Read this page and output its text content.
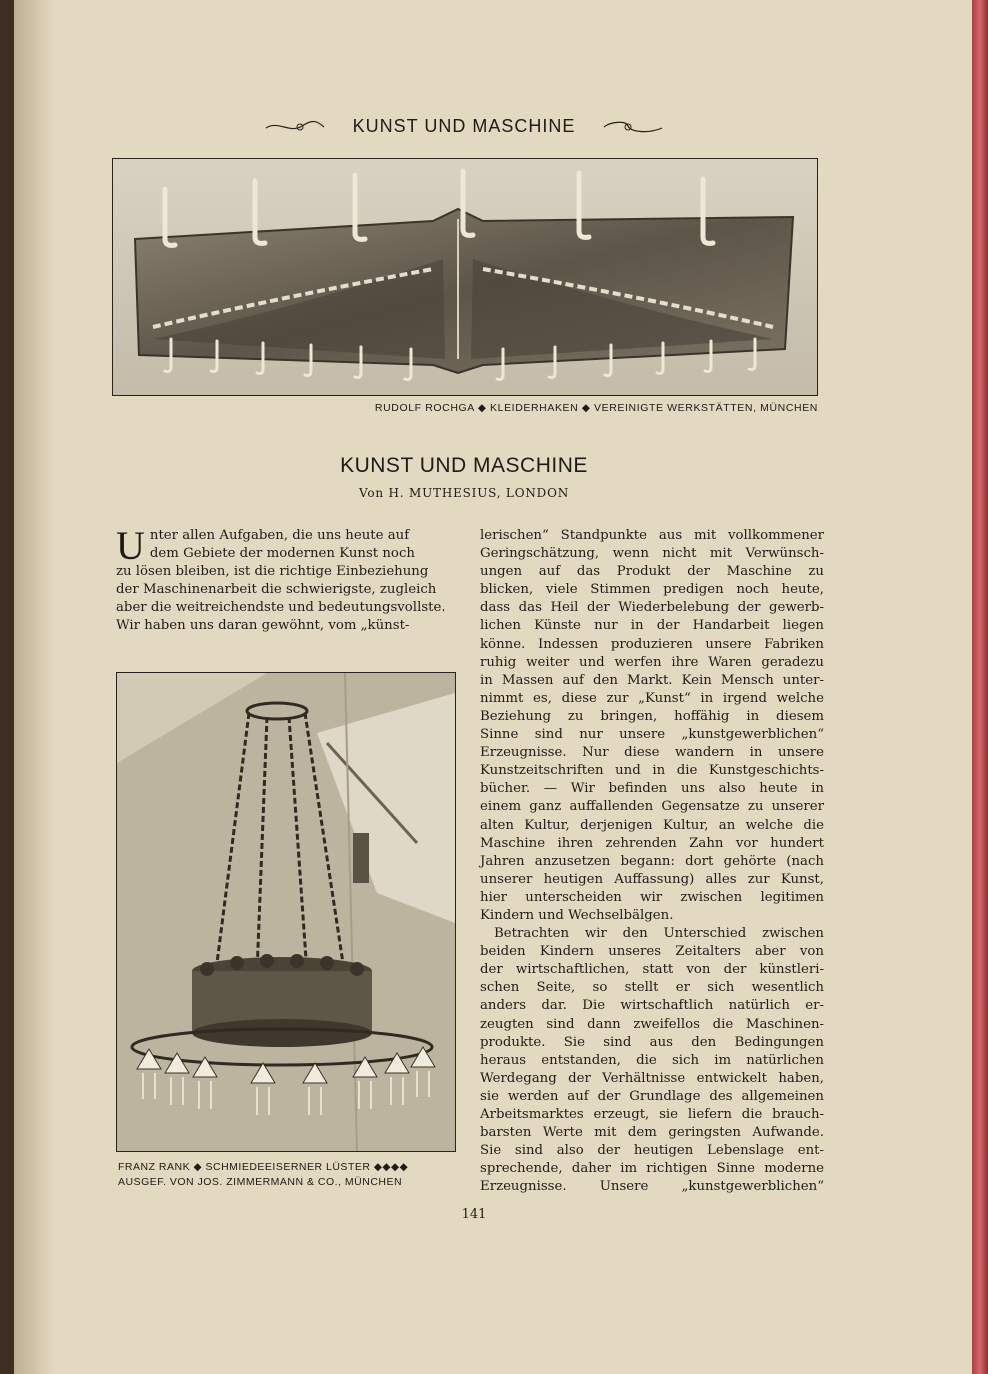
KUNST UND MASCHINE
RUDOLF ROCHGA ◆ KLEIDERHAKEN ◆ VEREINIGTE WERKSTÄTTEN, MÜNCHEN
KUNST UND MASCHINE
Von H. MUTHESIUS, LONDON
U nter allen Aufgaben, die uns heute auf
dem Gebiete der modernen Kunst noch
zu lösen bleiben, ist die richtige Einbeziehung
der Maschinenarbeit die schwierigste, zugleich
aber die weitreichendste und bedeutungsvollste.
Wir haben uns daran gewöhnt, vom „künst-
FRANZ RANK ◆ SCHMIEDEEISERNER LÜSTER ◆◆◆◆
AUSGEF. VON JOS. ZIMMERMANN & CO., MÜNCHEN
lerischen“ Standpunkte aus mit vollkommener
Geringschätzung, wenn nicht mit Verwünsch-
ungen auf das Produkt der Maschine zu
blicken, viele Stimmen predigen noch heute,
dass das Heil der Wiederbelebung der gewerb-
lichen Künste nur in der Handarbeit liegen
könne. Indessen produzieren unsere Fabriken
ruhig weiter und werfen ihre Waren geradezu
in Massen auf den Markt. Kein Mensch unter-
nimmt es, diese zur „Kunst“ in irgend welche
Beziehung zu bringen, hoffähig in diesem
Sinne sind nur unsere „kunstgewerblichen“
Erzeugnisse. Nur diese wandern in unsere
Kunstzeitschriften und in die Kunstgeschichts-
bücher. — Wir befinden uns also heute in
einem ganz auffallenden Gegensatze zu unserer
alten Kultur, derjenigen Kultur, an welche die
Maschine ihren zehrenden Zahn vor hundert
Jahren anzusetzen begann: dort gehörte (nach
unserer heutigen Auffassung) alles zur Kunst,
hier unterscheiden wir zwischen legitimen
Kindern und Wechselbälgen.
Betrachten wir den Unterschied zwischen
beiden Kindern unseres Zeitalters aber von
der wirtschaftlichen, statt von der künstleri-
schen Seite, so stellt er sich wesentlich
anders dar. Die wirtschaftlich natürlich er-
zeugten sind dann zweifellos die Maschinen-
produkte. Sie sind aus den Bedingungen
heraus entstanden, die sich im natürlichen
Werdegang der Verhältnisse entwickelt haben,
sie werden auf der Grundlage des allgemeinen
Arbeitsmarktes erzeugt, sie liefern die brauch-
barsten Werte mit dem geringsten Aufwande.
Sie sind also der heutigen Lebenslage ent-
sprechende, daher im richtigen Sinne moderne
Erzeugnisse. Unsere „kunstgewerblichen“
141
